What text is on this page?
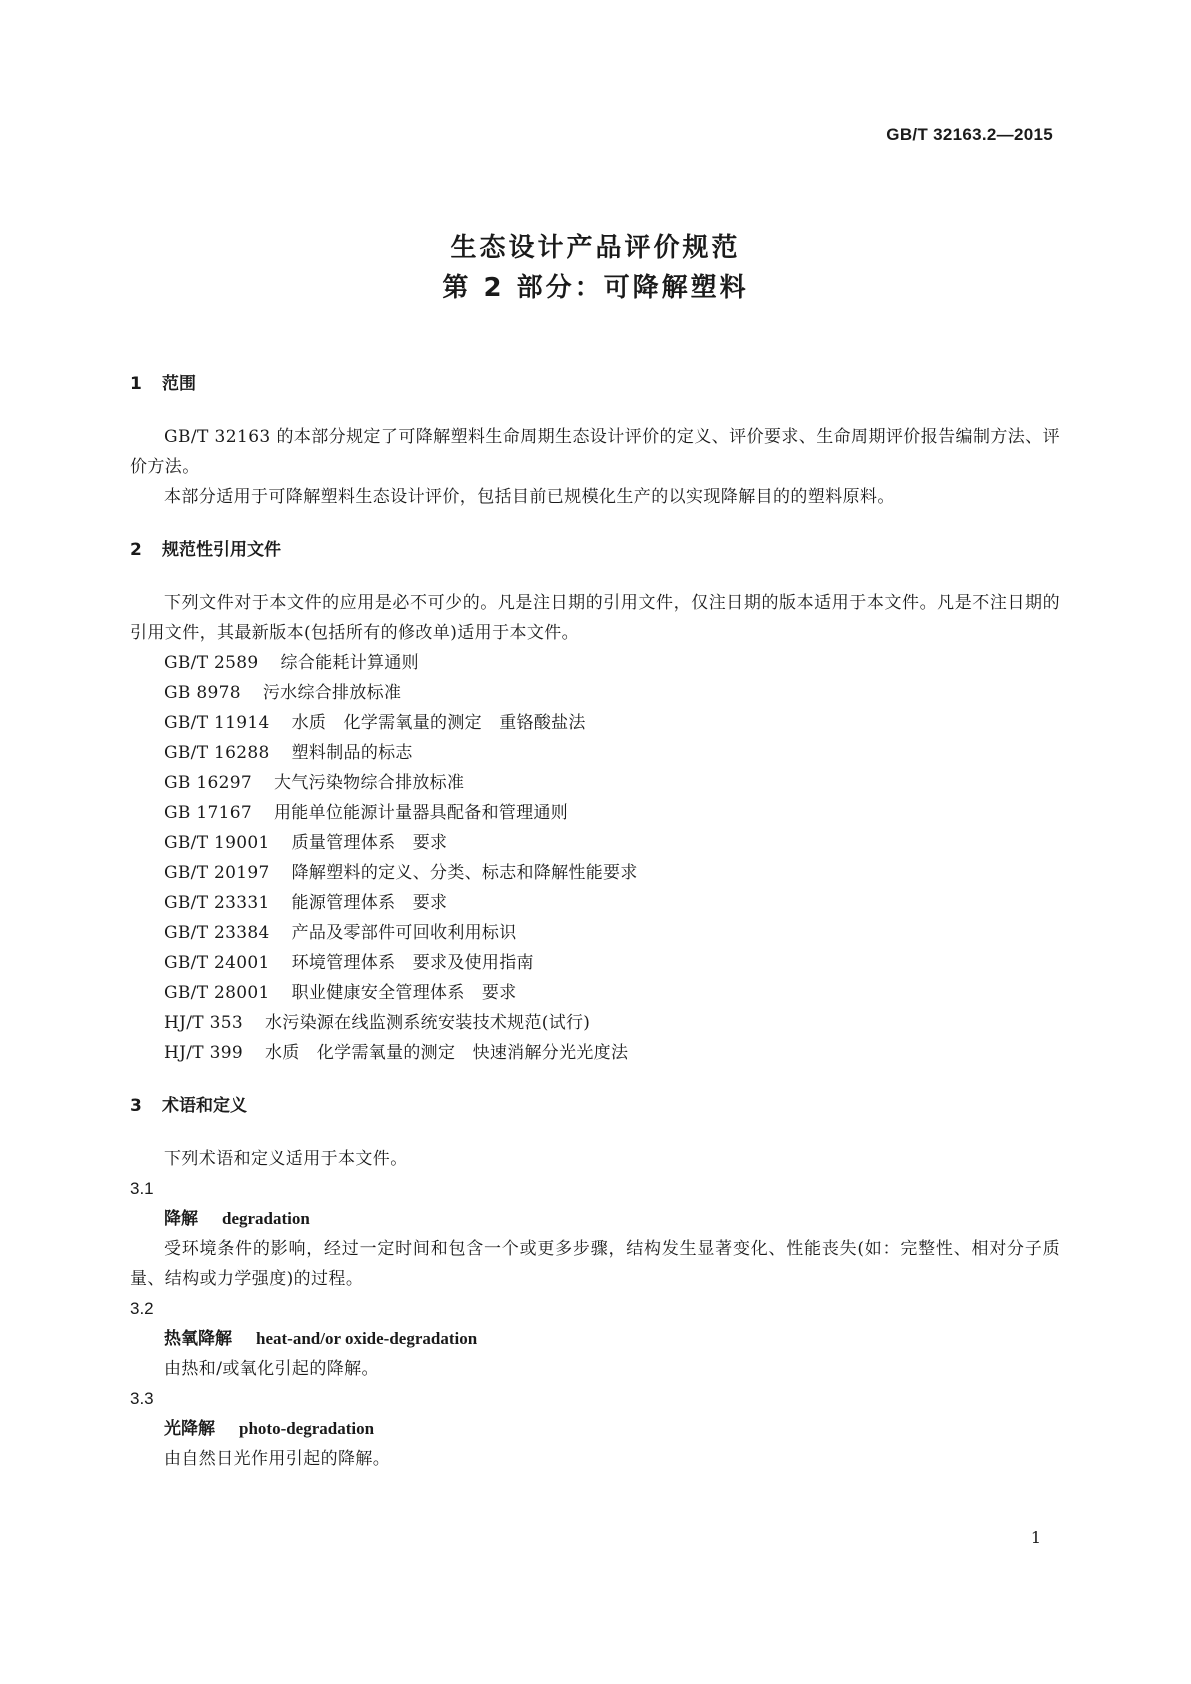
GB/T 32163.2—2015
生态设计产品评价规范
第 2 部分：可降解塑料
1 范围
GB/T 32163 的本部分规定了可降解塑料生命周期生态设计评价的定义、评价要求、生命周期评价报告编制方法、评价方法。
本部分适用于可降解塑料生态设计评价，包括目前已规模化生产的以实现降解目的的塑料原料。
2 规范性引用文件
下列文件对于本文件的应用是必不可少的。凡是注日期的引用文件，仅注日期的版本适用于本文件。凡是不注日期的引用文件，其最新版本(包括所有的修改单)适用于本文件。
GB/T 2589 综合能耗计算通则
GB 8978 污水综合排放标准
GB/T 11914 水质　化学需氧量的测定　重铬酸盐法
GB/T 16288 塑料制品的标志
GB 16297 大气污染物综合排放标准
GB 17167 用能单位能源计量器具配备和管理通则
GB/T 19001 质量管理体系　要求
GB/T 20197 降解塑料的定义、分类、标志和降解性能要求
GB/T 23331 能源管理体系　要求
GB/T 23384 产品及零部件可回收利用标识
GB/T 24001 环境管理体系　要求及使用指南
GB/T 28001 职业健康安全管理体系　要求
HJ/T 353 水污染源在线监测系统安装技术规范(试行)
HJ/T 399 水质　化学需氧量的测定　快速消解分光光度法
3 术语和定义
下列术语和定义适用于本文件。
3.1
降解 degradation
受环境条件的影响，经过一定时间和包含一个或更多步骤，结构发生显著变化、性能丧失(如：完整性、相对分子质量、结构或力学强度)的过程。
3.2
热氧降解 heat-and/or oxide-degradation
由热和/或氧化引起的降解。
3.3
光降解 photo-degradation
由自然日光作用引起的降解。
1
